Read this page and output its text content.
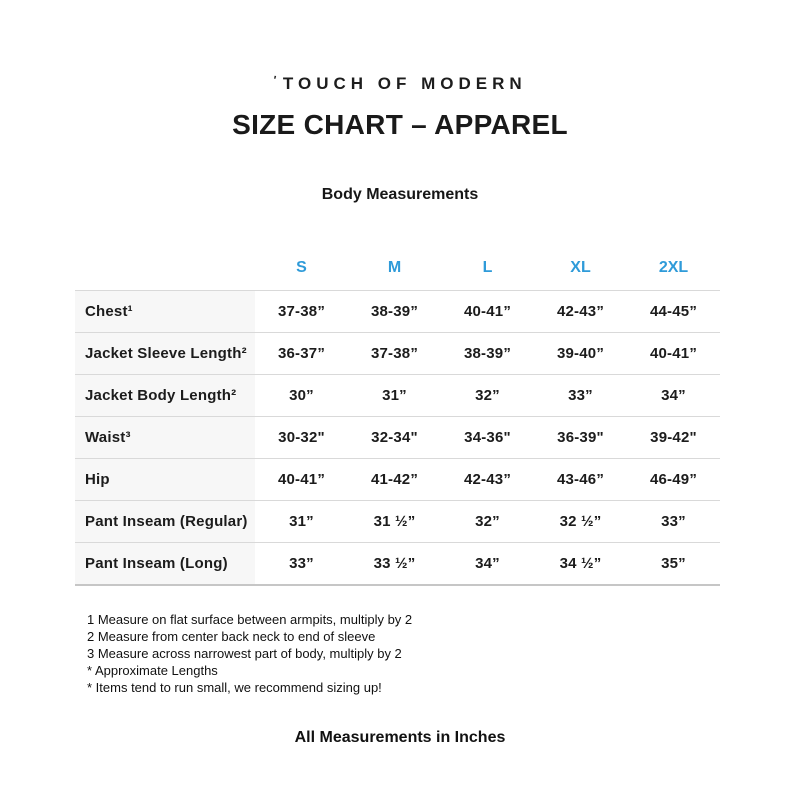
' TOUCH OF MODERN
SIZE CHART – APPAREL
Body Measurements
	S	M	L	XL	2XL
Chest¹	37-38”	38-39”	40-41”	42-43”	44-45”
Jacket Sleeve Length²	36-37”	37-38”	38-39”	39-40”	40-41”
Jacket Body Length²	30”	31”	32”	33”	34”
Waist³	30-32"	32-34"	34-36"	36-39"	39-42"
Hip	40-41”	41-42”	42-43”	43-46”	46-49”
Pant Inseam (Regular)	31”	31 ½”	32”	32 ½”	33”
Pant Inseam (Long)	33”	33 ½”	34”	34 ½”	35”
1 Measure on flat surface between armpits, multiply by 2
2 Measure from center back neck to end of sleeve
3 Measure across narrowest part of body, multiply by 2
* Approximate Lengths
* Items tend to run small, we recommend sizing up!
All Measurements in Inches
